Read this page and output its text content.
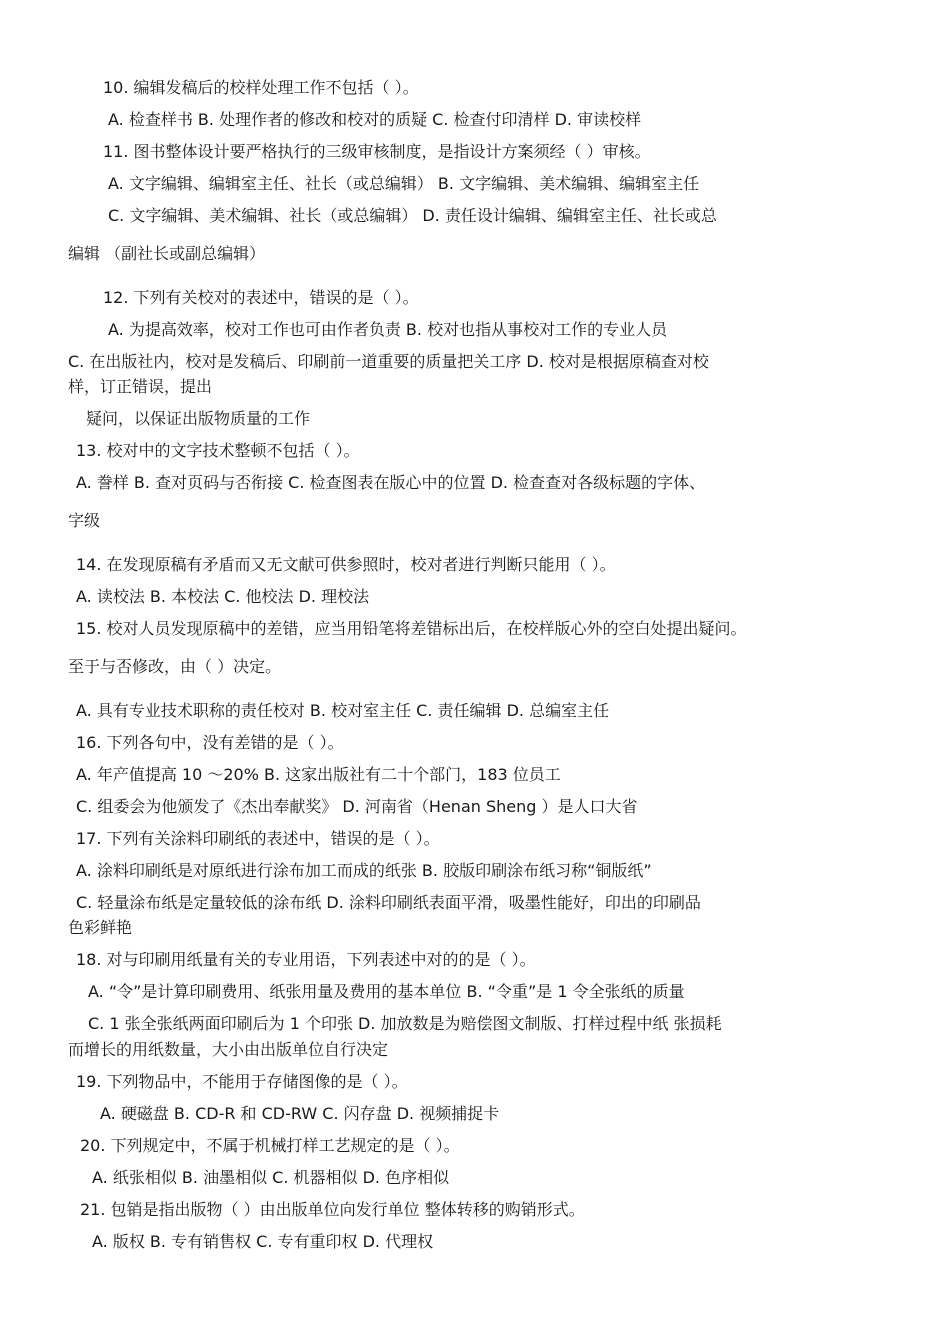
10. 编辑发稿后的校样处理工作不包括（ ）。
A. 检查样书 B. 处理作者的修改和校对的质疑 C. 检查付印清样 D. 审读校样
11. 图书整体设计要严格执行的三级审核制度，是指设计方案须经（ ）审核。
A. 文字编辑、编辑室主任、社长（或总编辑） B. 文字编辑、美术编辑、编辑室主任
C. 文字编辑、美术编辑、社长（或总编辑） D. 责任设计编辑、编辑室主任、社长或总
编辑 （副社长或副总编辑）
12. 下列有关校对的表述中，错误的是（ ）。
A. 为提高效率，校对工作也可由作者负责 B. 校对也指从事校对工作的专业人员
C. 在出版社内，校对是发稿后、印刷前一道重要的质量把关工序 D. 校对是根据原稿查对校
样，订正错误，提出
疑问，以保证出版物质量的工作
13. 校对中的文字技术整顿不包括（ ）。
A. 誊样 B. 查对页码与否衔接 C. 检查图表在版心中的位置 D. 检查查对各级标题的字体、
字级
14. 在发现原稿有矛盾而又无文献可供参照时，校对者进行判断只能用（ ）。
A. 读校法 B. 本校法 C. 他校法 D. 理校法
15. 校对人员发现原稿中的差错，应当用铅笔将差错标出后，在校样版心外的空白处提出疑问。
至于与否修改，由（ ）决定。
A. 具有专业技术职称的责任校对 B. 校对室主任 C. 责任编辑 D. 总编室主任
16. 下列各句中，没有差错的是（ ）。
A. 年产值提高 10 ～20% B. 这家出版社有二十个部门，183 位员工
C. 组委会为他颁发了《杰出奉献奖》 D. 河南省（Henan Sheng ）是人口大省
17. 下列有关涂料印刷纸的表述中，错误的是（ ）。
A. 涂料印刷纸是对原纸进行涂布加工而成的纸张 B. 胶版印刷涂布纸习称“铜版纸”
C. 轻量涂布纸是定量较低的涂布纸 D. 涂料印刷纸表面平滑，吸墨性能好，印出的印刷品
色彩鲜艳
18. 对与印刷用纸量有关的专业用语，下列表述中对的的是（ ）。
A. “令”是计算印刷费用、纸张用量及费用的基本单位 B. “令重”是 1 令全张纸的质量
C. 1 张全张纸两面印刷后为 1 个印张 D. 加放数是为赔偿图文制版、打样过程中纸 张损耗
而增长的用纸数量，大小由出版单位自行决定
19. 下列物品中，不能用于存储图像的是（ ）。
A. 硬磁盘 B. CD-R 和 CD-RW C. 闪存盘 D. 视频捕捉卡
20. 下列规定中，不属于机械打样工艺规定的是（ ）。
A. 纸张相似 B. 油墨相似 C. 机器相似 D. 色序相似
21. 包销是指出版物（ ）由出版单位向发行单位 整体转移的购销形式。
A. 版权 B. 专有销售权 C. 专有重印权 D. 代理权
